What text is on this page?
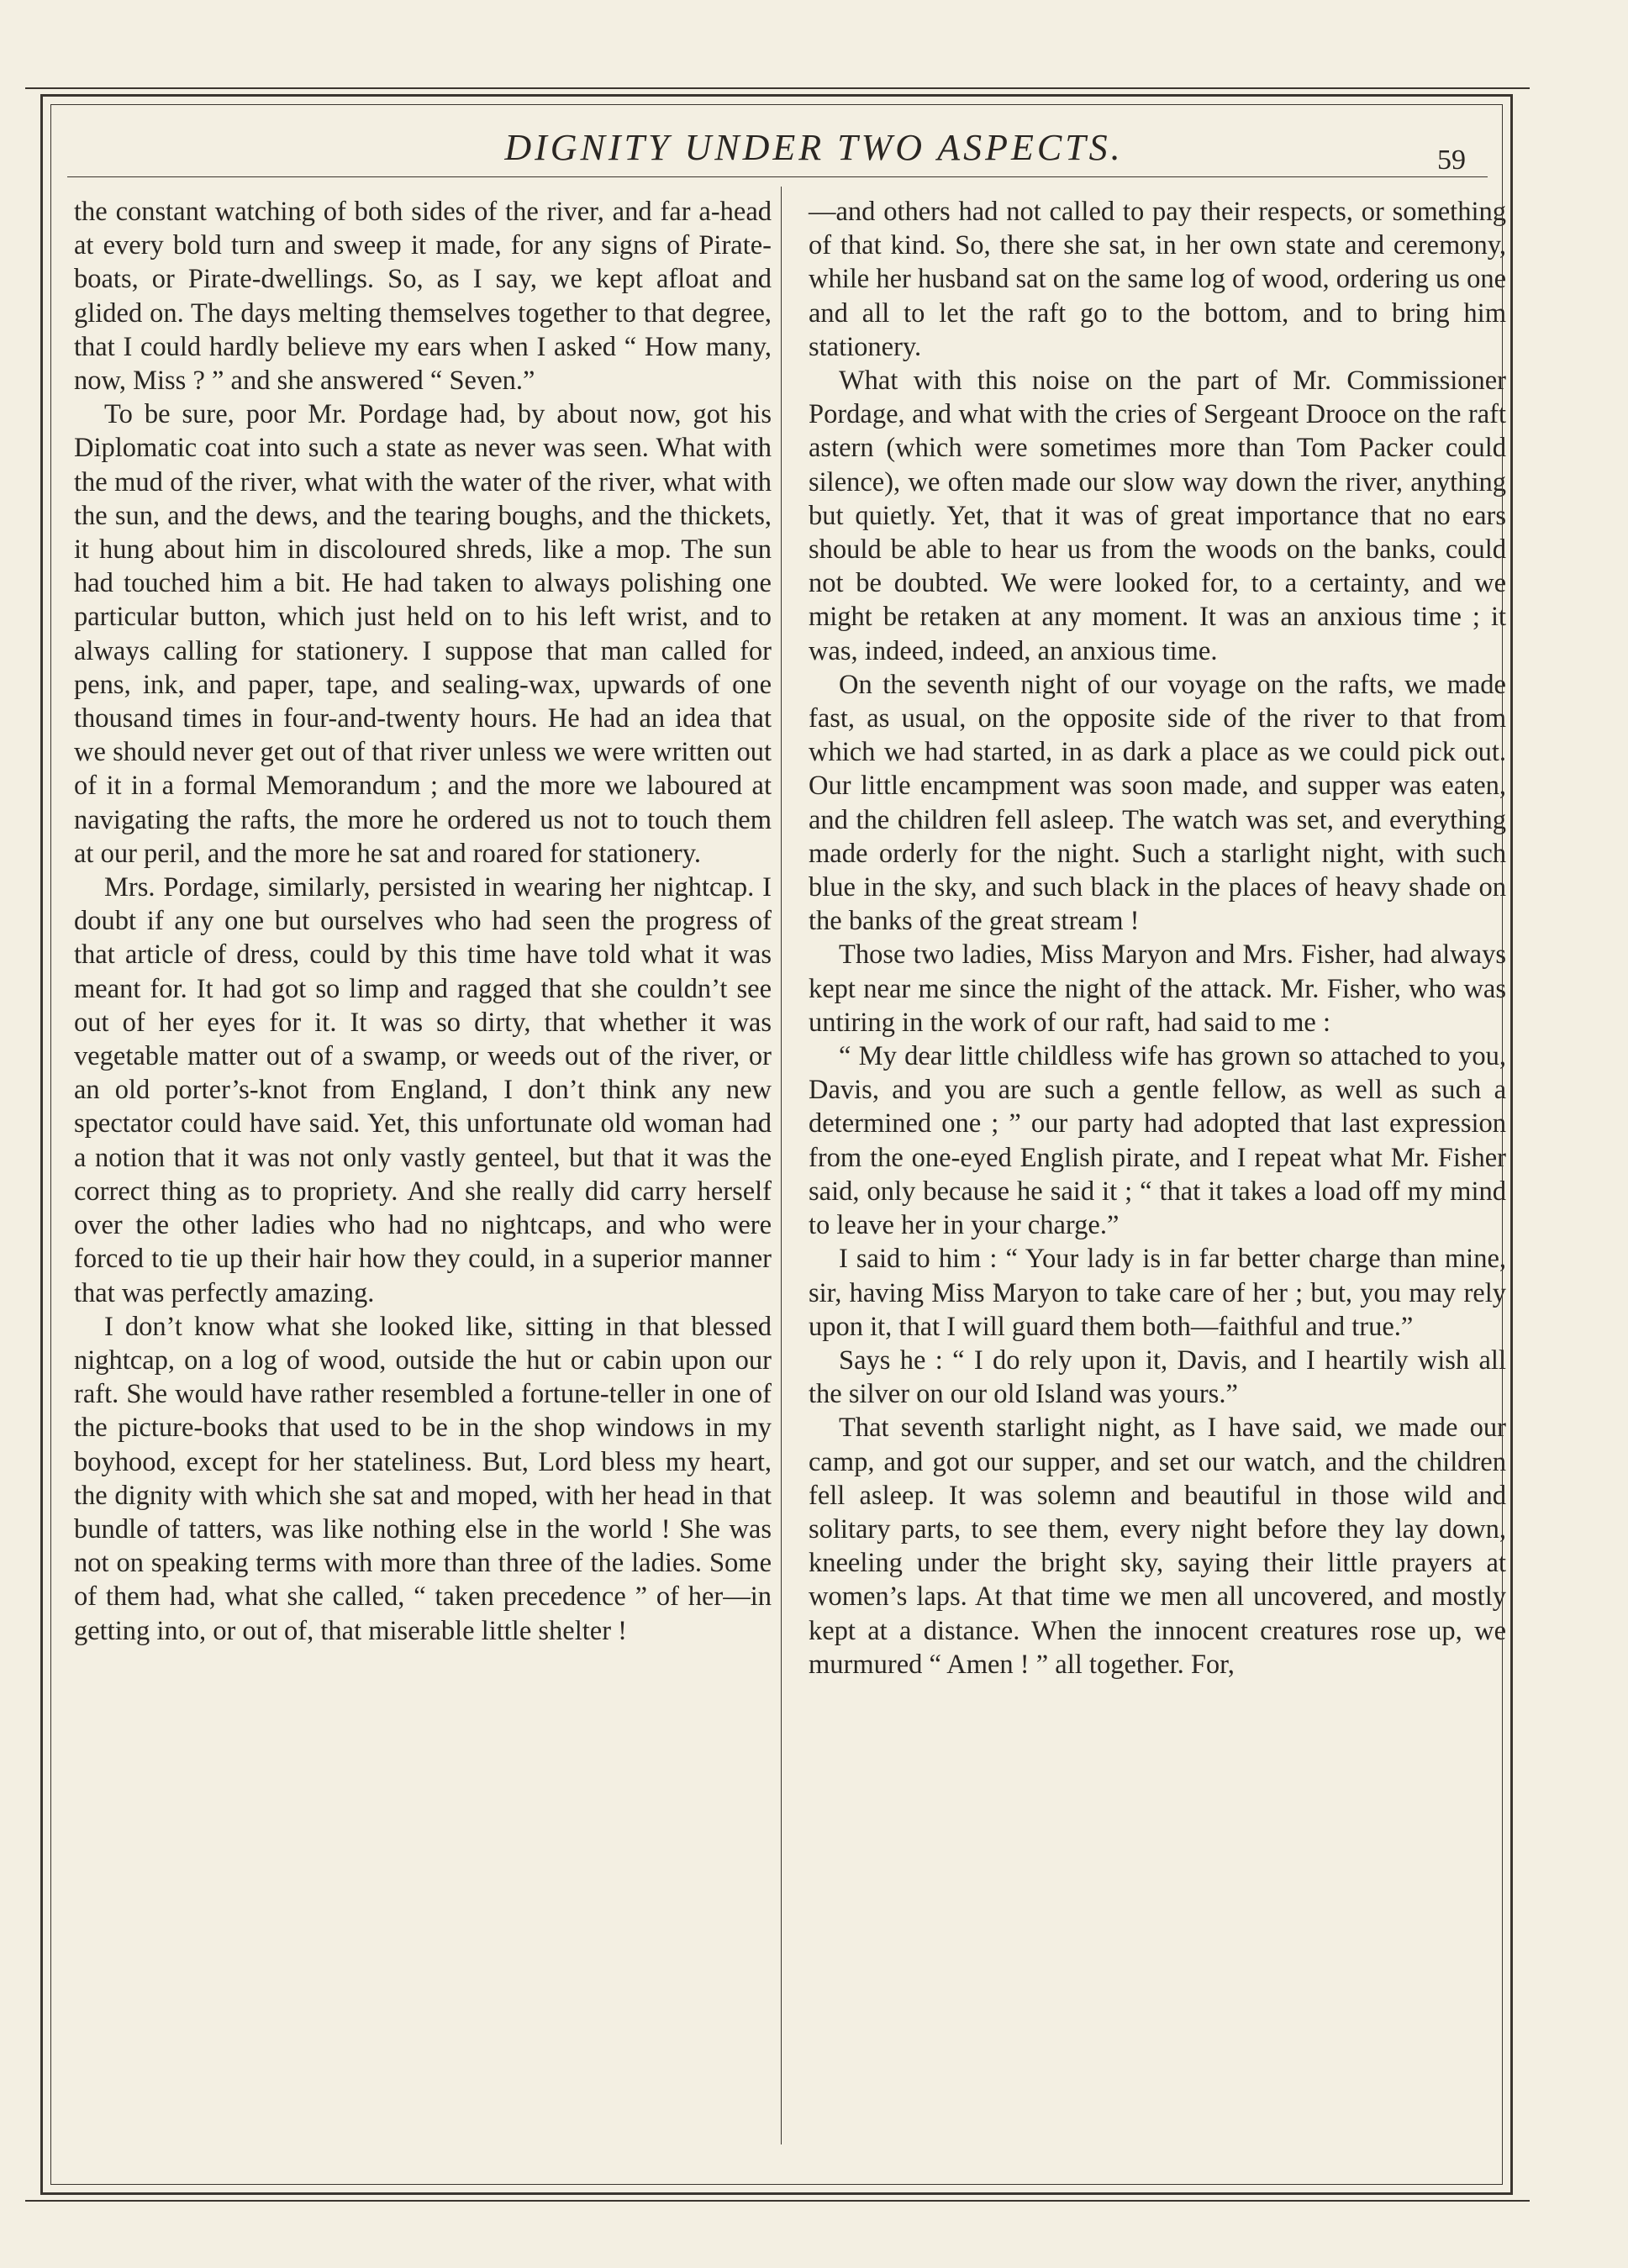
DIGNITY UNDER TWO ASPECTS.	59

the constant watching of both sides of the river, and far a-head at every bold turn and sweep it made, for any signs of Pirate-boats, or Pirate-dwellings. So, as I say, we kept afloat and glided on. The days melting themselves together to that degree, that I could hardly believe my ears when I asked “ How many, now, Miss ? ” and she answered “ Seven.”

To be sure, poor Mr. Pordage had, by about now, got his Diplomatic coat into such a state as never was seen. What with the mud of the river, what with the water of the river, what with the sun, and the dews, and the tearing boughs, and the thickets, it hung about him in discoloured shreds, like a mop. The sun had touched him a bit. He had taken to always polishing one particular button, which just held on to his left wrist, and to always calling for stationery. I suppose that man called for pens, ink, and paper, tape, and sealing-wax, upwards of one thousand times in four-and-twenty hours. He had an idea that we should never get out of that river unless we were written out of it in a formal Memorandum ; and the more we laboured at navigating the rafts, the more he ordered us not to touch them at our peril, and the more he sat and roared for stationery.

Mrs. Pordage, similarly, persisted in wearing her nightcap. I doubt if any one but ourselves who had seen the progress of that article of dress, could by this time have told what it was meant for. It had got so limp and ragged that she couldn’t see out of her eyes for it. It was so dirty, that whether it was vegetable matter out of a swamp, or weeds out of the river, or an old porter’s-knot from England, I don’t think any new spectator could have said. Yet, this unfortunate old woman had a notion that it was not only vastly genteel, but that it was the correct thing as to propriety. And she really did carry herself over the other ladies who had no nightcaps, and who were forced to tie up their hair how they could, in a superior manner that was perfectly amazing.

I don’t know what she looked like, sitting in that blessed nightcap, on a log of wood, outside the hut or cabin upon our raft. She would have rather resembled a fortune-teller in one of the picture-books that used to be in the shop windows in my boyhood, except for her stateliness. But, Lord bless my heart, the dignity with which she sat and moped, with her head in that bundle of tatters, was like nothing else in the world ! She was not on speaking terms with more than three of the ladies. Some of them had, what she called, “ taken precedence ” of her—in getting into, or out of, that miserable little shelter !

—and others had not called to pay their respects, or something of that kind. So, there she sat, in her own state and ceremony, while her husband sat on the same log of wood, ordering us one and all to let the raft go to the bottom, and to bring him stationery.

What with this noise on the part of Mr. Commissioner Pordage, and what with the cries of Sergeant Drooce on the raft astern (which were sometimes more than Tom Packer could silence), we often made our slow way down the river, anything but quietly. Yet, that it was of great importance that no ears should be able to hear us from the woods on the banks, could not be doubted. We were looked for, to a certainty, and we might be retaken at any moment. It was an anxious time ; it was, indeed, indeed, an anxious time.

On the seventh night of our voyage on the rafts, we made fast, as usual, on the opposite side of the river to that from which we had started, in as dark a place as we could pick out. Our little encampment was soon made, and supper was eaten, and the children fell asleep. The watch was set, and everything made orderly for the night. Such a starlight night, with such blue in the sky, and such black in the places of heavy shade on the banks of the great stream !

Those two ladies, Miss Maryon and Mrs. Fisher, had always kept near me since the night of the attack. Mr. Fisher, who was untiring in the work of our raft, had said to me :

“ My dear little childless wife has grown so attached to you, Davis, and you are such a gentle fellow, as well as such a determined one ; ” our party had adopted that last expression from the one-eyed English pirate, and I repeat what Mr. Fisher said, only because he said it ; “ that it takes a load off my mind to leave her in your charge.”

I said to him : “ Your lady is in far better charge than mine, sir, having Miss Maryon to take care of her ; but, you may rely upon it, that I will guard them both—faithful and true.”

Says he : “ I do rely upon it, Davis, and I heartily wish all the silver on our old Island was yours.”

That seventh starlight night, as I have said, we made our camp, and got our supper, and set our watch, and the children fell asleep. It was solemn and beautiful in those wild and solitary parts, to see them, every night before they lay down, kneeling under the bright sky, saying their little prayers at women’s laps. At that time we men all uncovered, and mostly kept at a distance. When the innocent creatures rose up, we murmured “ Amen ! ” all together. For,
